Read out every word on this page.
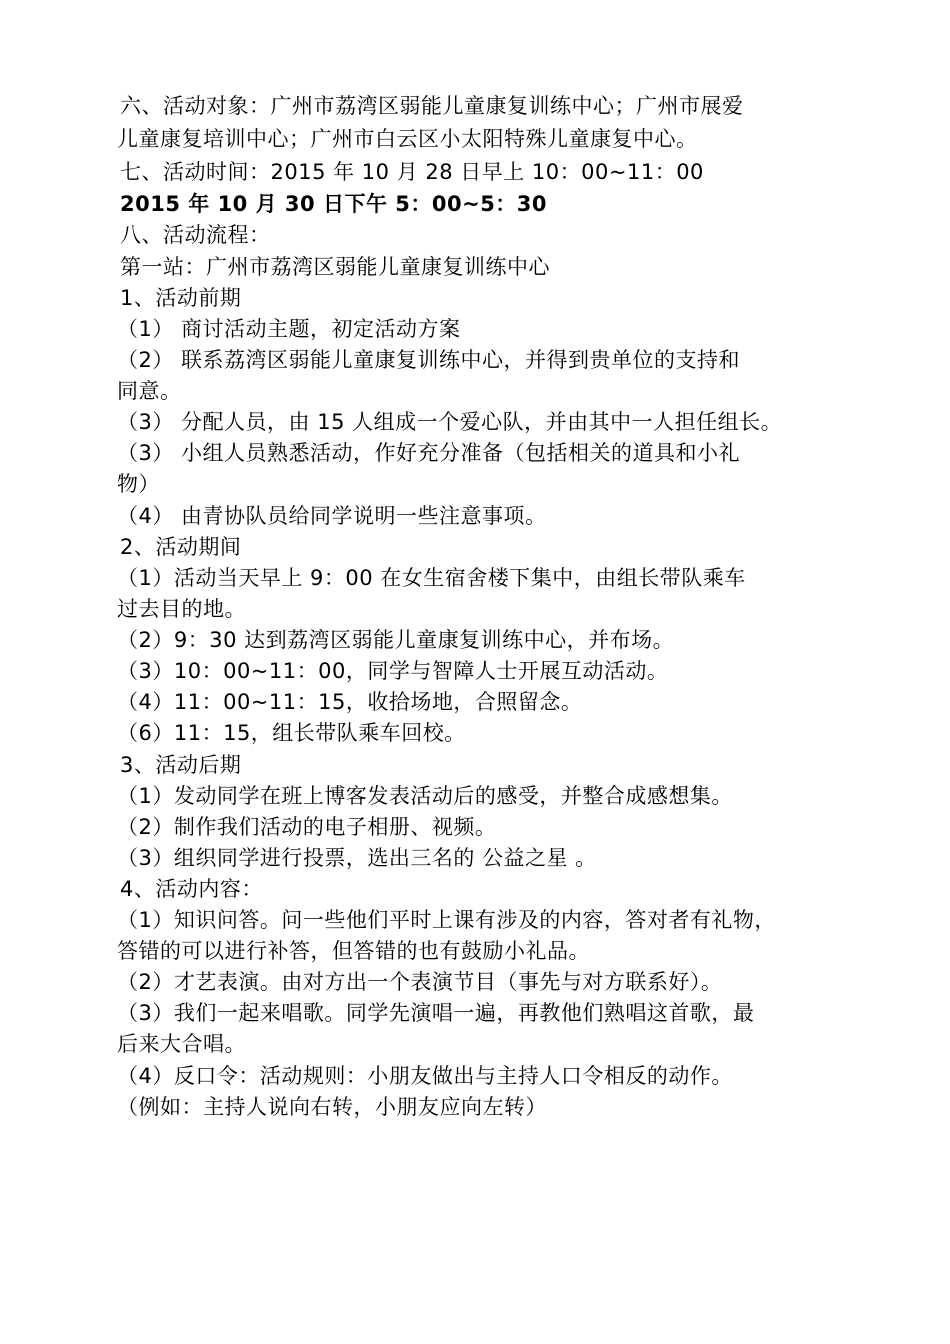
六、活动对象：广州市荔湾区弱能儿童康复训练中心；广州市展爱
儿童康复培训中心；广州市白云区小太阳特殊儿童康复中心。
七、活动时间：2015 年 10 月 28 日早上 10：00~11：00
2015 年 10 月 30 日下午 5：00~5：30
八、活动流程：
第一站：广州市荔湾区弱能儿童康复训练中心
1、活动前期
（1） 商讨活动主题，初定活动方案
（2） 联系荔湾区弱能儿童康复训练中心，并得到贵单位的支持和
同意。
（3） 分配人员，由 15 人组成一个爱心队，并由其中一人担任组长。
（3） 小组人员熟悉活动，作好充分准备（包括相关的道具和小礼
物）
（4） 由青协队员给同学说明一些注意事项。
2、活动期间
（1）活动当天早上 9：00 在女生宿舍楼下集中，由组长带队乘车
过去目的地。
（2）9：30 达到荔湾区弱能儿童康复训练中心，并布场。
（3）10：00~11：00，同学与智障人士开展互动活动。
（4）11：00~11：15，收拾场地，合照留念。
（6）11：15，组长带队乘车回校。
3、活动后期
（1）发动同学在班上博客发表活动后的感受，并整合成感想集。
（2）制作我们活动的电子相册、视频。
（3）组织同学进行投票，选出三名的 公益之星 。
4、活动内容：
（1）知识问答。问一些他们平时上课有涉及的内容，答对者有礼物，
答错的可以进行补答，但答错的也有鼓励小礼品。
（2）才艺表演。由对方出一个表演节目（事先与对方联系好）。
（3）我们一起来唱歌。同学先演唱一遍，再教他们熟唱这首歌，最
后来大合唱。
（4）反口令：活动规则：小朋友做出与主持人口令相反的动作。
（例如：主持人说向右转，小朋友应向左转）
